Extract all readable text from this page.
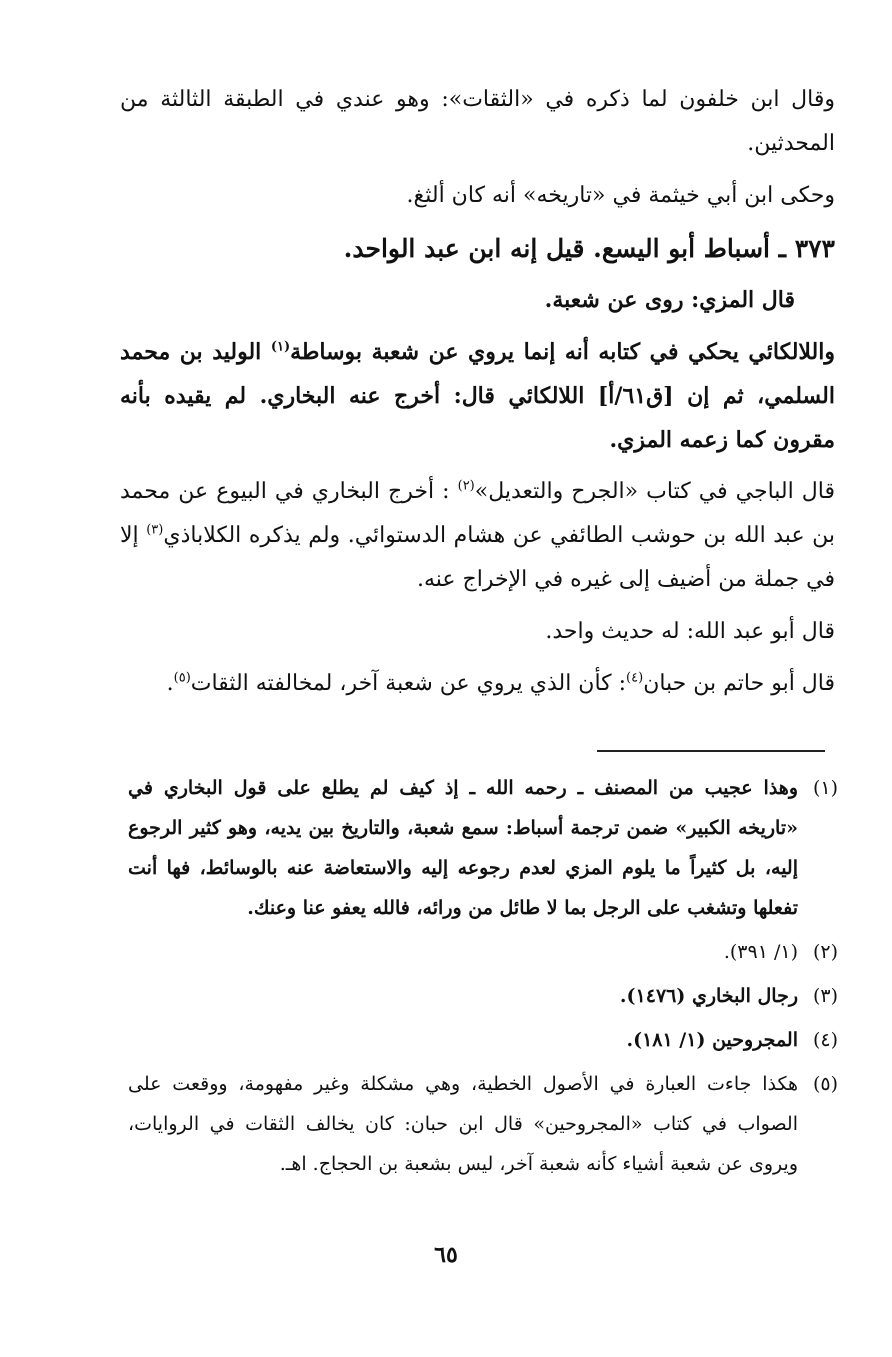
وقال ابن خلفون لما ذكره في «الثقات»: وهو عندي في الطبقة الثالثة من المحدثين.

وحكى ابن أبي خيثمة في «تاريخه» أنه كان ألثغ.

٣٧٣ ـ أسباط أبو اليسع. قيل إنه ابن عبد الواحد.

قال المزي: روى عن شعبة.

واللالكائي يحكي في كتابه أنه إنما يروي عن شعبة بوساطة$^{(١)}$ الوليد بن محمد السلمي، ثم إن [ق٦١/أ] اللالكائي قال: أخرج عنه البخاري. لم يقيده بأنه مقرون كما زعمه المزي.

قال الباجي في كتاب «الجرح والتعديل»$^{(٢)}$ : أخرج البخاري في البيوع عن محمد بن عبد الله بن حوشب الطائفي عن هشام الدستوائي. ولم يذكره الكلاباذي$^{(٣)}$ إلا في جملة من أضيف إلى غيره في الإخراج عنه.

قال أبو عبد الله: له حديث واحد.

قال أبو حاتم بن حبان$^{(٤)}$: كأن الذي يروي عن شعبة آخر، لمخالفته الثقات$^{(٥)}$.

(١)
وهذا عجيب من المصنف ـ رحمه الله ـ إذ كيف لم يطلع على قول البخاري في «تاريخه الكبير» ضمن ترجمة أسباط: سمع شعبة، والتاريخ بين يديه، وهو كثير الرجوع إليه، بل كثيراً ما يلوم المزي لعدم رجوعه إليه والاستعاضة عنه بالوسائط، فها أنت تفعلها وتشغب على الرجل بما لا طائل من ورائه، فالله يعفو عنا وعنك.
(٢)
(١/ ٣٩١).
(٣)
رجال البخاري (١٤٧٦).
(٤)
المجروحين (١/ ١٨١).
(٥)
هكذا جاءت العبارة في الأصول الخطية، وهي مشكلة وغير مفهومة، ووقعت على الصواب في كتاب «المجروحين» قال ابن حبان: كان يخالف الثقات في الروايات، ويروى عن شعبة أشياء كأنه شعبة آخر، ليس بشعبة بن الحجاج. اهـ.
٦٥
